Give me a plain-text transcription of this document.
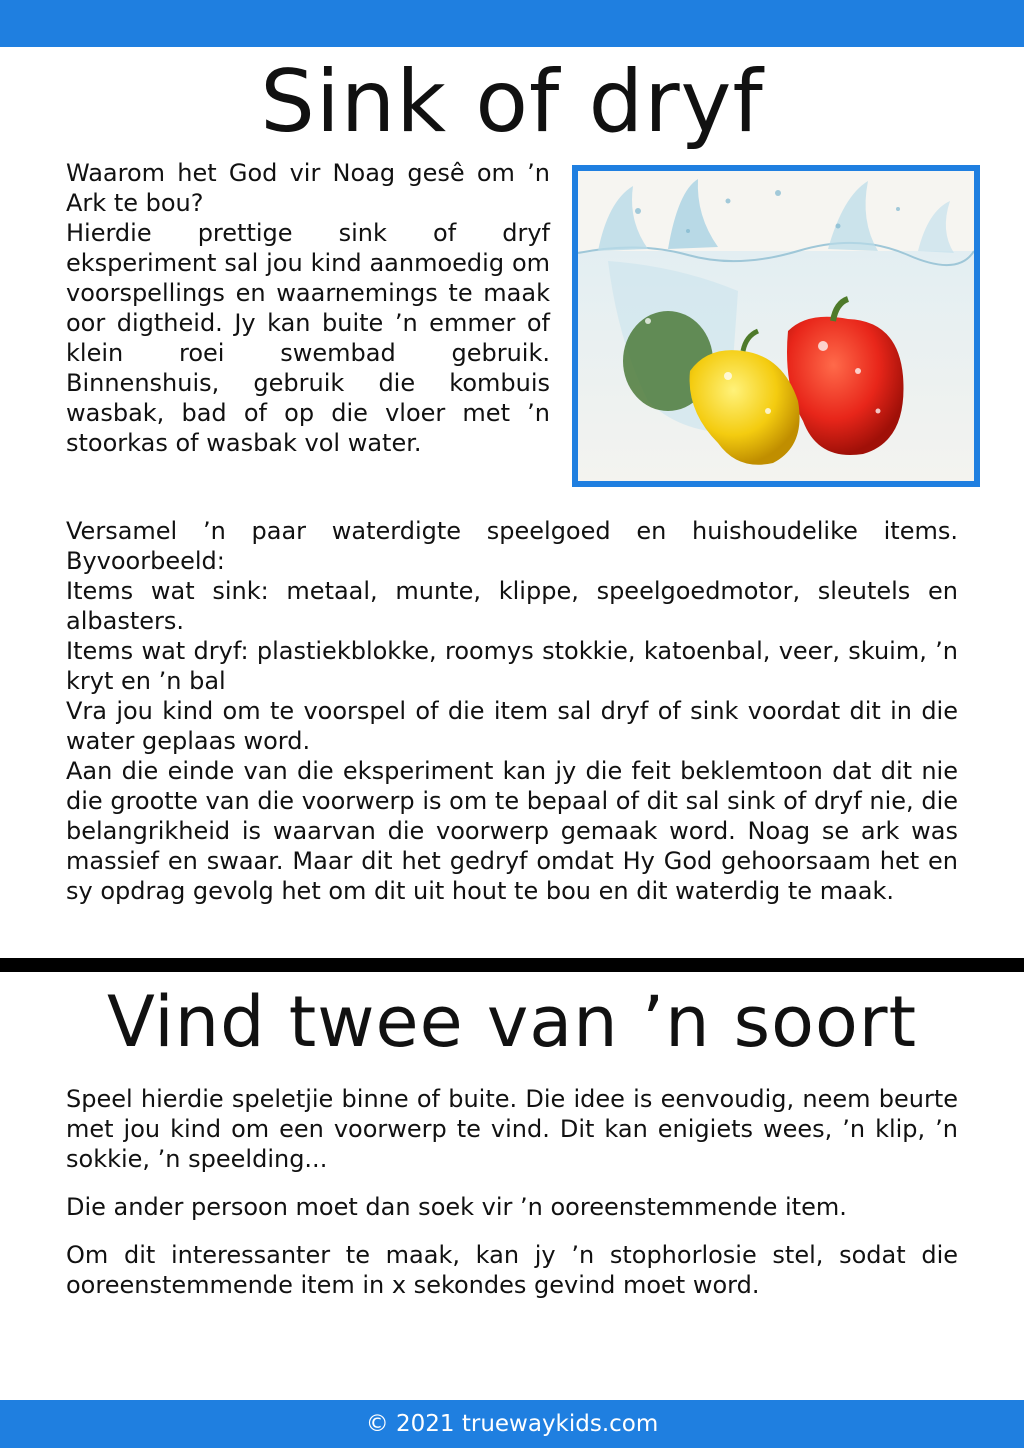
Sink of dryf

Waarom het God vir Noag gesê om ’n Ark te bou?

Hierdie prettige sink of dryf eksperiment sal jou kind aanmoedig om voorspellings en waarnemings te maak oor digtheid. Jy kan buite ’n emmer of klein roei swembad gebruik. Binnenshuis, gebruik die kombuis wasbak, bad of op die vloer met ’n stoorkas of wasbak vol water.

Versamel ’n paar waterdigte speelgoed en huishoudelike items. Byvoorbeeld:

Items wat sink: metaal, munte, klippe, speelgoedmotor, sleutels en albasters.

Items wat dryf: plastiekblokke, roomys stokkie, katoenbal, veer, skuim, ’n kryt en ’n bal

Vra jou kind om te voorspel of die item sal dryf of sink voordat dit in die water geplaas word.

Aan die einde van die eksperiment kan jy die feit beklemtoon dat dit nie die grootte van die voorwerp is om te bepaal of dit sal sink of dryf nie, die belangrikheid is waarvan die voorwerp gemaak word. Noag se ark was massief en swaar. Maar dit het gedryf omdat Hy God gehoorsaam het en sy opdrag gevolg het om dit uit hout te bou en dit waterdig te maak.

Vind twee van ’n soort

Speel hierdie speletjie binne of buite. Die idee is eenvoudig, neem beurte met jou kind om een voorwerp te vind. Dit kan enigiets wees, ’n klip, ’n sokkie, ’n speelding...

Die ander persoon moet dan soek vir ’n ooreenstemmende item.

Om dit interessanter te maak, kan jy ’n stophorlosie stel, sodat die ooreenstemmende item in x sekondes gevind moet word.

© 2021 truewaykids.com
